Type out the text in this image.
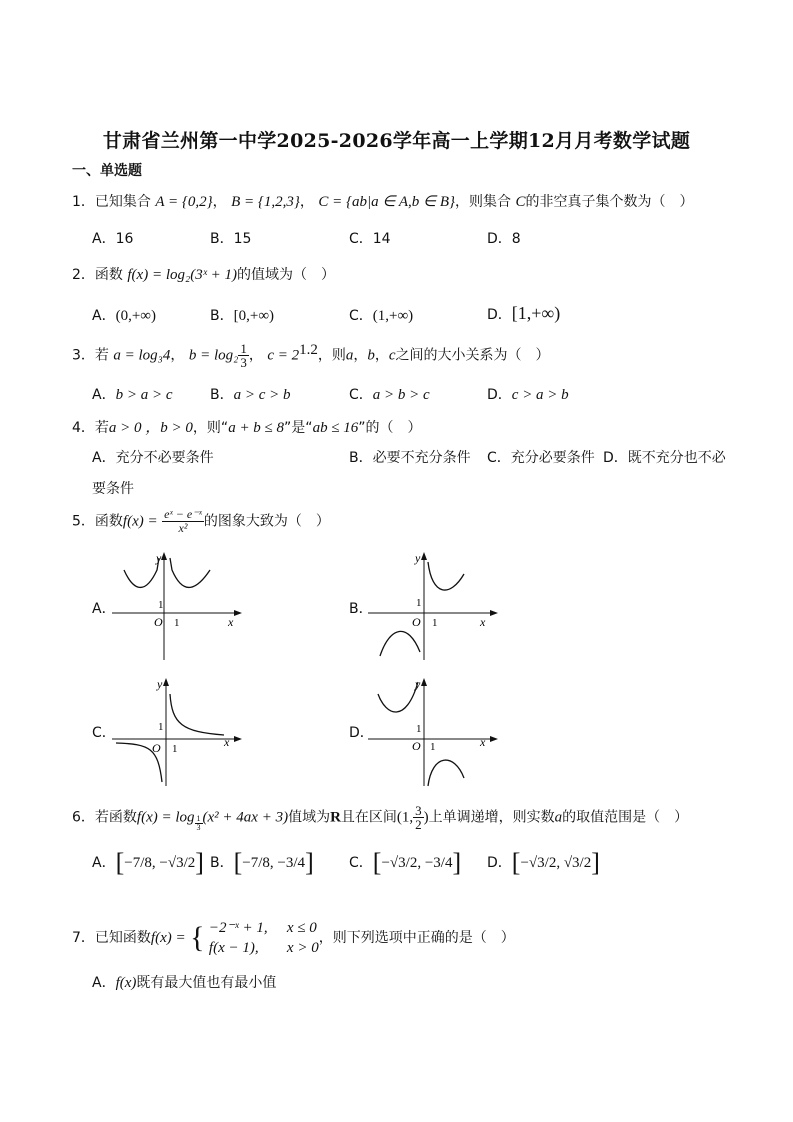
甘肃省兰州第一中学2025-2026学年高一上学期12月月考数学试题
一、单选题
1．已知集合 A = {0,2}， B = {1,2,3}， C = {ab|a ∈ A,b ∈ B}，则集合 C的非空真子集个数为（　）
A．16	B．15	C．14	D．8
2．函数 f(x) = log₂(3ˣ + 1)的值域为（　）
A．(0,+∞)	B．[0,+∞)	C．(1,+∞)	D．[1,+∞)
3．若 a = log₃4， $b = \log_2 \frac{1}{3}$ ， $c = 2^{1.2}$，则a，b，c之间的大小关系为（　）
A．b > a > c	B．a > c > b	C．a > b > c	D．c > a > b
4．若a > 0 ，b > 0，则“a + b ≤ 8”是“ab ≤ 16”的（　）
A．充分不必要条件	B．必要不充分条件 C．充分必要条件 D．既不充分也不必
要条件
5．函数$f(x) = \frac{\text{eˣ − e⁻ˣ}}{\text{x²}}$ 的图象大致为（　）
A．	B．
C．	D．
y
x
O 1
1
y
x
O 1
1
y
x
O 1
1
y
x
O 1
1
6．若函数$f(x) = \log \frac{1}{3} (x^2 + 4ax + 3)$值域为R且在区间(1, $\frac{3}{2}$ )上单调递增，则实数a的取值范围是（　）
A．[−7/8, −√3/2] B．[−7/8, −3/4]	C．[−√3/2, −3/4] D．[−√3/2, √3/2]
7．已知函数f(x) = { −2⁻ˣ + 1, x ≤ 0
f(x − 1), x > 0
，则下列选项中正确的是（　）
A．f(x)既有最大值也有最小值
